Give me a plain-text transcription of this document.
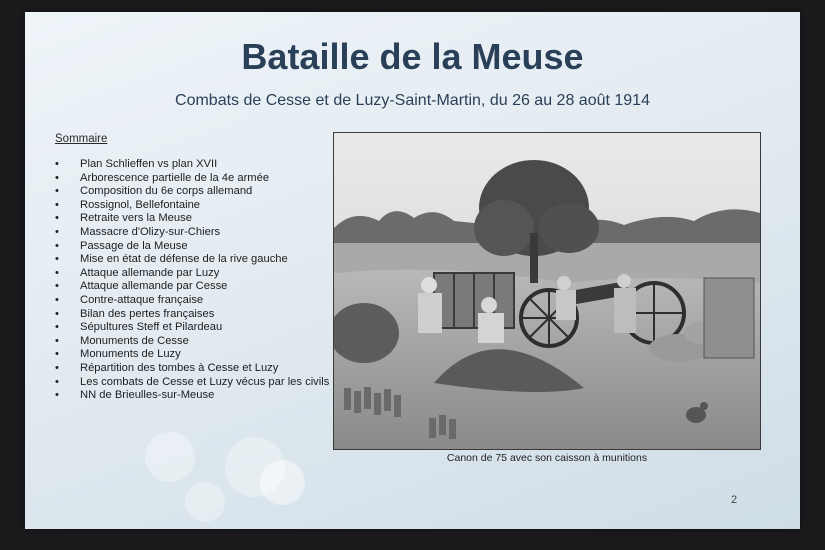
Bataille de la Meuse
Combats de Cesse et de Luzy-Saint-Martin, du 26 au 28 août 1914
Sommaire
• Plan Schlieffen vs plan XVII
• Arborescence partielle de la 4e armée
• Composition du 6e corps allemand
• Rossignol, Bellefontaine
• Retraite vers la Meuse
• Massacre d'Olizy-sur-Chiers
• Passage de la Meuse
• Mise en état de défense de la rive gauche
• Attaque allemande par Luzy
• Attaque allemande par Cesse
• Contre-attaque française
• Bilan des pertes françaises
• Sépultures Steff et Pilardeau
• Monuments de Cesse
• Monuments de Luzy
• Répartition des tombes à Cesse et Luzy
• Les combats de Cesse et Luzy vécus par les civils
• NN de Brieulles-sur-Meuse
Canon de 75 avec son caisson à munitions
2
